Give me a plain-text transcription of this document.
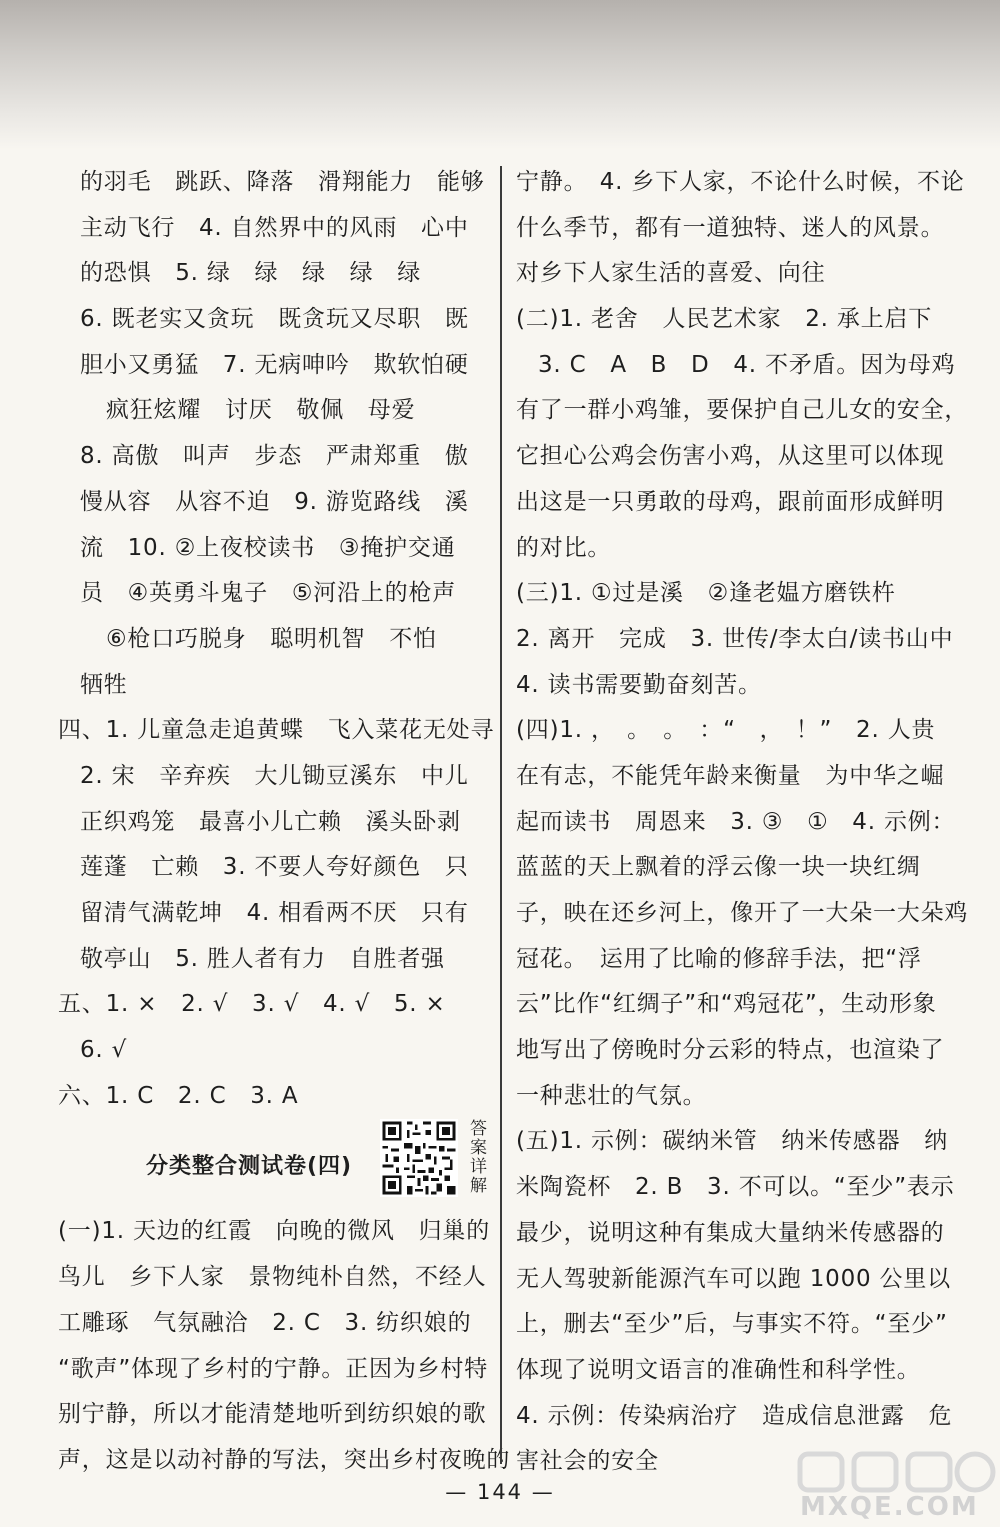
的羽毛　跳跃、降落　滑翔能力　能够
主动飞行　4. 自然界中的风雨　心中
的恐惧　5. 绿　绿　绿　绿　绿
6. 既老实又贪玩　既贪玩又尽职　既
胆小又勇猛　7. 无病呻吟　欺软怕硬
疯狂炫耀　讨厌　敬佩　母爱
8. 高傲　叫声　步态　严肃郑重　傲
慢从容　从容不迫　9. 游览路线　溪
流　10. ②上夜校读书　③掩护交通
员　④英勇斗鬼子　⑤河沿上的枪声
⑥枪口巧脱身　聪明机智　不怕
牺牲
四、1. 儿童急走追黄蝶　飞入菜花无处寻
2. 宋　辛弃疾　大儿锄豆溪东　中儿
正织鸡笼　最喜小儿亡赖　溪头卧剥
莲蓬　亡赖　3. 不要人夸好颜色　只
留清气满乾坤　4. 相看两不厌　只有
敬亭山　5. 胜人者有力　自胜者强
五、1. ×　2. √　3. √　4. √　5. ×
6. √
六、1. C　2. C　3. A
分类整合测试卷(四)	答案详解
(一)1. 天边的红霞　向晚的微风　归巢的
鸟儿　乡下人家　景物纯朴自然，不经人
工雕琢　气氛融洽　2. C　3. 纺织娘的
“歌声”体现了乡村的宁静。正因为乡村特
别宁静，所以才能清楚地听到纺织娘的歌
声，这是以动衬静的写法，突出乡村夜晚的
宁静。　4. 乡下人家，不论什么时候，不论
什么季节，都有一道独特、迷人的风景。
对乡下人家生活的喜爱、向往
(二)1. 老舍　人民艺术家　2. 承上启下
3. C　A　B　D　4. 不矛盾。因为母鸡
有了一群小鸡雏，要保护自己儿女的安全，
它担心公鸡会伤害小鸡，从这里可以体现
出这是一只勇敢的母鸡，跟前面形成鲜明
的对比。
(三)1. ①过是溪　②逢老媪方磨铁杵
2. 离开　完成　3. 世传/李太白/读书山中
4. 读书需要勤奋刻苦。
(四)1. ，　。　。　：“　，　！”　2. 人贵
在有志，不能凭年龄来衡量　为中华之崛
起而读书　周恩来　3. ③　①　4. 示例：
蓝蓝的天上飘着的浮云像一块一块红绸
子，映在还乡河上，像开了一大朵一大朵鸡
冠花。　运用了比喻的修辞手法，把“浮
云”比作“红绸子”和“鸡冠花”，生动形象
地写出了傍晚时分云彩的特点，也渲染了
一种悲壮的气氛。
(五)1. 示例：碳纳米管　纳米传感器　纳
米陶瓷杯　2. B　3. 不可以。“至少”表示
最少，说明这种有集成大量纳米传感器的
无人驾驶新能源汽车可以跑 1000 公里以
上，删去“至少”后，与事实不符。“至少”
体现了说明文语言的准确性和科学性。
4. 示例：传染病治疗　造成信息泄露　危
害社会的安全
— 144 —	MXQE.COM
